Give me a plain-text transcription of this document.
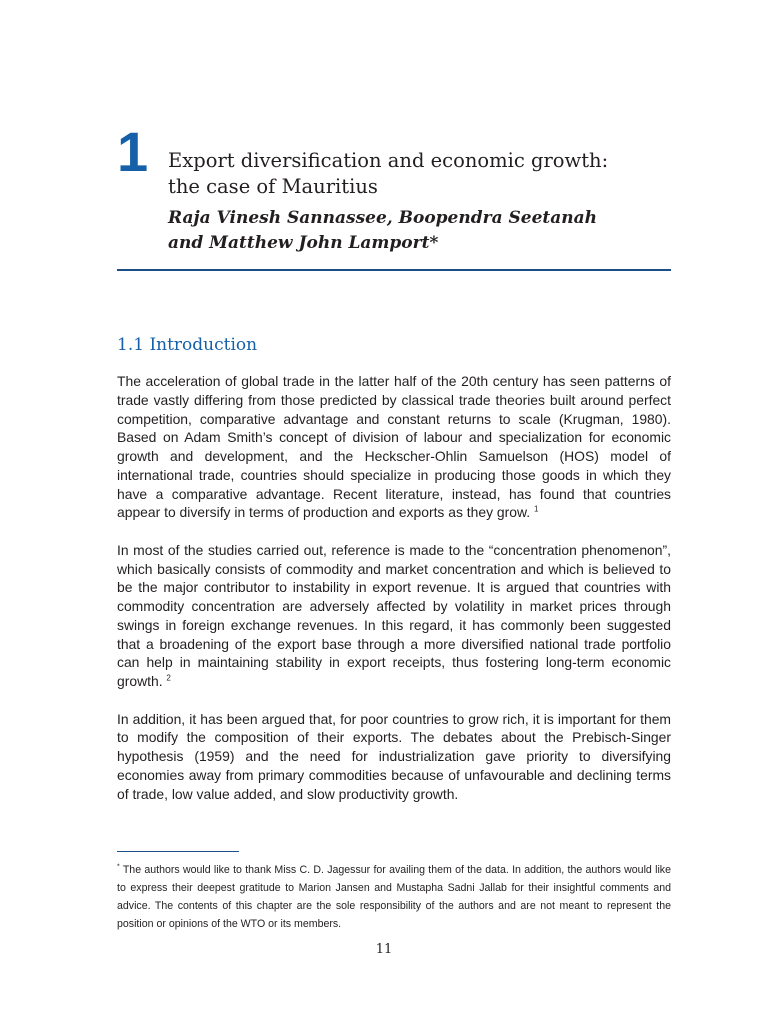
1 Export diversification and economic growth:
the case of Mauritius
Raja Vinesh Sannassee, Boopendra Seetanah
and Matthew John Lamport*
1.1 Introduction

The acceleration of global trade in the latter half of the 20th century has seen patterns of trade vastly differing from those predicted by classical trade theories built around perfect competition, comparative advantage and constant returns to scale (Krugman, 1980). Based on Adam Smith’s concept of division of labour and specialization for economic growth and development, and the Heckscher-Ohlin Samuelson (HOS) model of international trade, countries should specialize in producing those goods in which they have a comparative advantage. Recent literature, instead, has found that countries appear to diversify in terms of production and exports as they grow. $^1$

In most of the studies carried out, reference is made to the “concentration phenomenon”, which basically consists of commodity and market concentration and which is believed to be the major contributor to instability in export revenue. It is argued that countries with commodity concentration are adversely affected by volatility in market prices through swings in foreign exchange revenues. In this regard, it has commonly been suggested that a broadening of the export base through a more diversified national trade portfolio can help in maintaining stability in export receipts, thus fostering long-term economic growth. $^2$

In addition, it has been argued that, for poor countries to grow rich, it is important for them to modify the composition of their exports. The debates about the Prebisch-Singer hypothesis (1959) and the need for industrialization gave priority to diversifying economies away from primary commodities because of unfavourable and declining terms of trade, low value added, and slow productivity growth.

* The authors would like to thank Miss C. D. Jagessur for availing them of the data. In addition, the authors would like to express their deepest gratitude to Marion Jansen and Mustapha Sadni Jallab for their insightful comments and advice. The contents of this chapter are the sole responsibility of the authors and are not meant to represent the position or opinions of the WTO or its members.
11
